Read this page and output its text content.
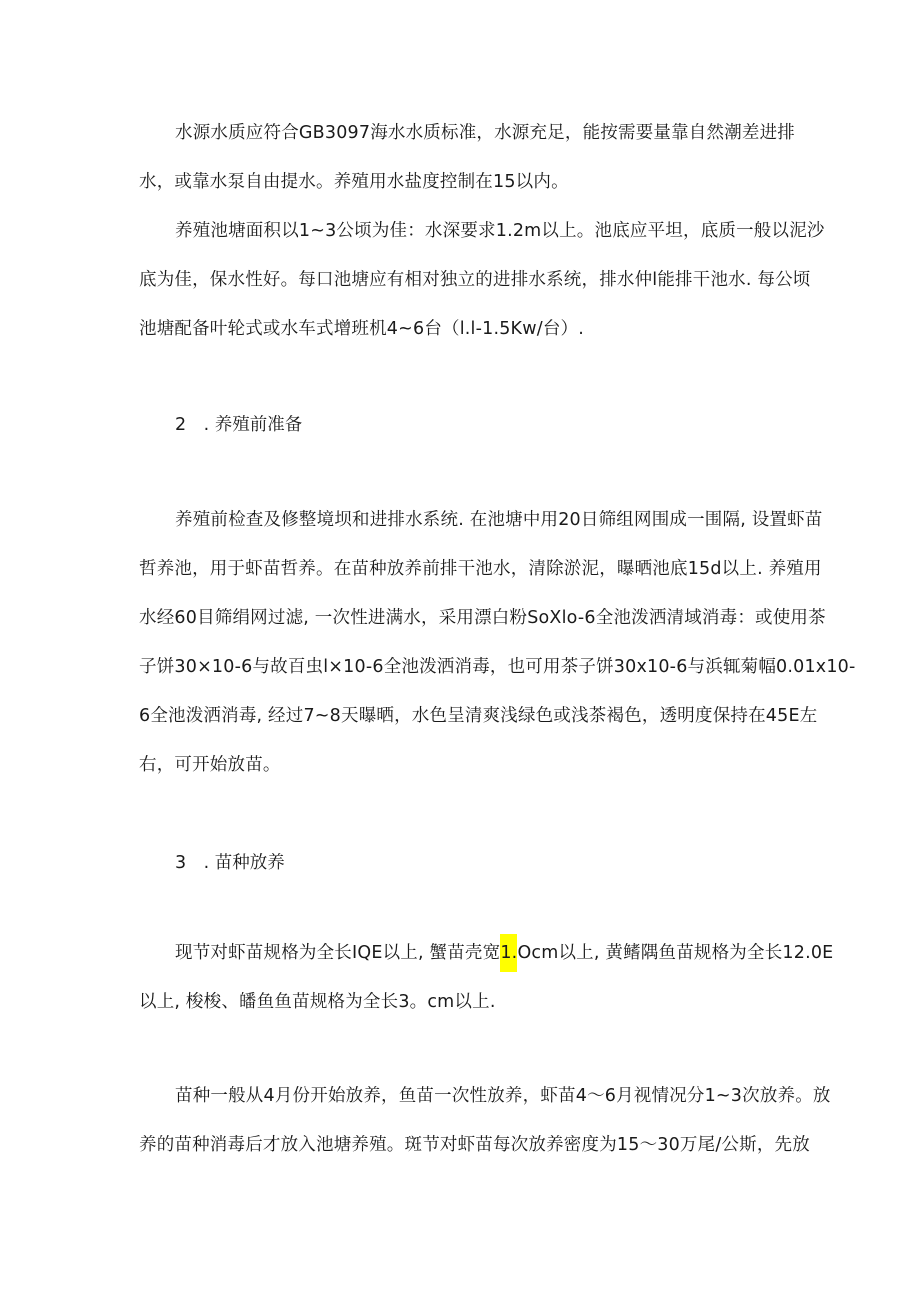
水源水质应符合GB3097海水水质标准，水源充足，能按需要量靠自然潮差进排
水，或靠水泵自由提水。养殖用水盐度控制在15以内。
养殖池塘面积以1~3公顷为佳：水深要求1.2m以上。池底应平坦，底质一般以泥沙
底为佳，保水性好。每口池塘应有相对独立的进排水系统，排水仲l能排干池水. 每公顷
池塘配备叶轮式或水车式增班机4~6台（l.l-1.5Kw/台）.
2　. 养殖前准备
养殖前检查及修整境坝和进排水系统. 在池塘中用20日筛组网围成一围隔, 设置虾苗
哲养池，用于虾苗哲养。在苗种放养前排干池水，清除淤泥，曝晒池底15d以上. 养殖用
水经60目筛绢网过滤, 一次性进满水，采用漂白粉SoXlo-6全池泼洒清域消毒：或使用茶
子饼30×10-6与故百虫l×10-6全池泼洒消毒，也可用茶子饼30x10-6与浜辄菊幅0.01x10-
6全池泼洒消毒, 经过7~8天曝晒，水色呈清爽浅绿色或浅茶褐色，透明度保持在45E左
右，可开始放苗。
3　. 苗种放养
现节对虾苗规格为全长IQE以上, 蟹苗壳宽1.Ocm以上, 黄鳍隅鱼苗规格为全长12.0E
以上, 梭梭、皤鱼鱼苗规格为全长3。cm以上.
苗种一般从4月份开始放养，鱼苗一次性放养，虾苗4～6月视情况分1~3次放养。放
养的苗种消毒后才放入池塘养殖。斑节对虾苗每次放养密度为15～30万尾/公斯，先放
